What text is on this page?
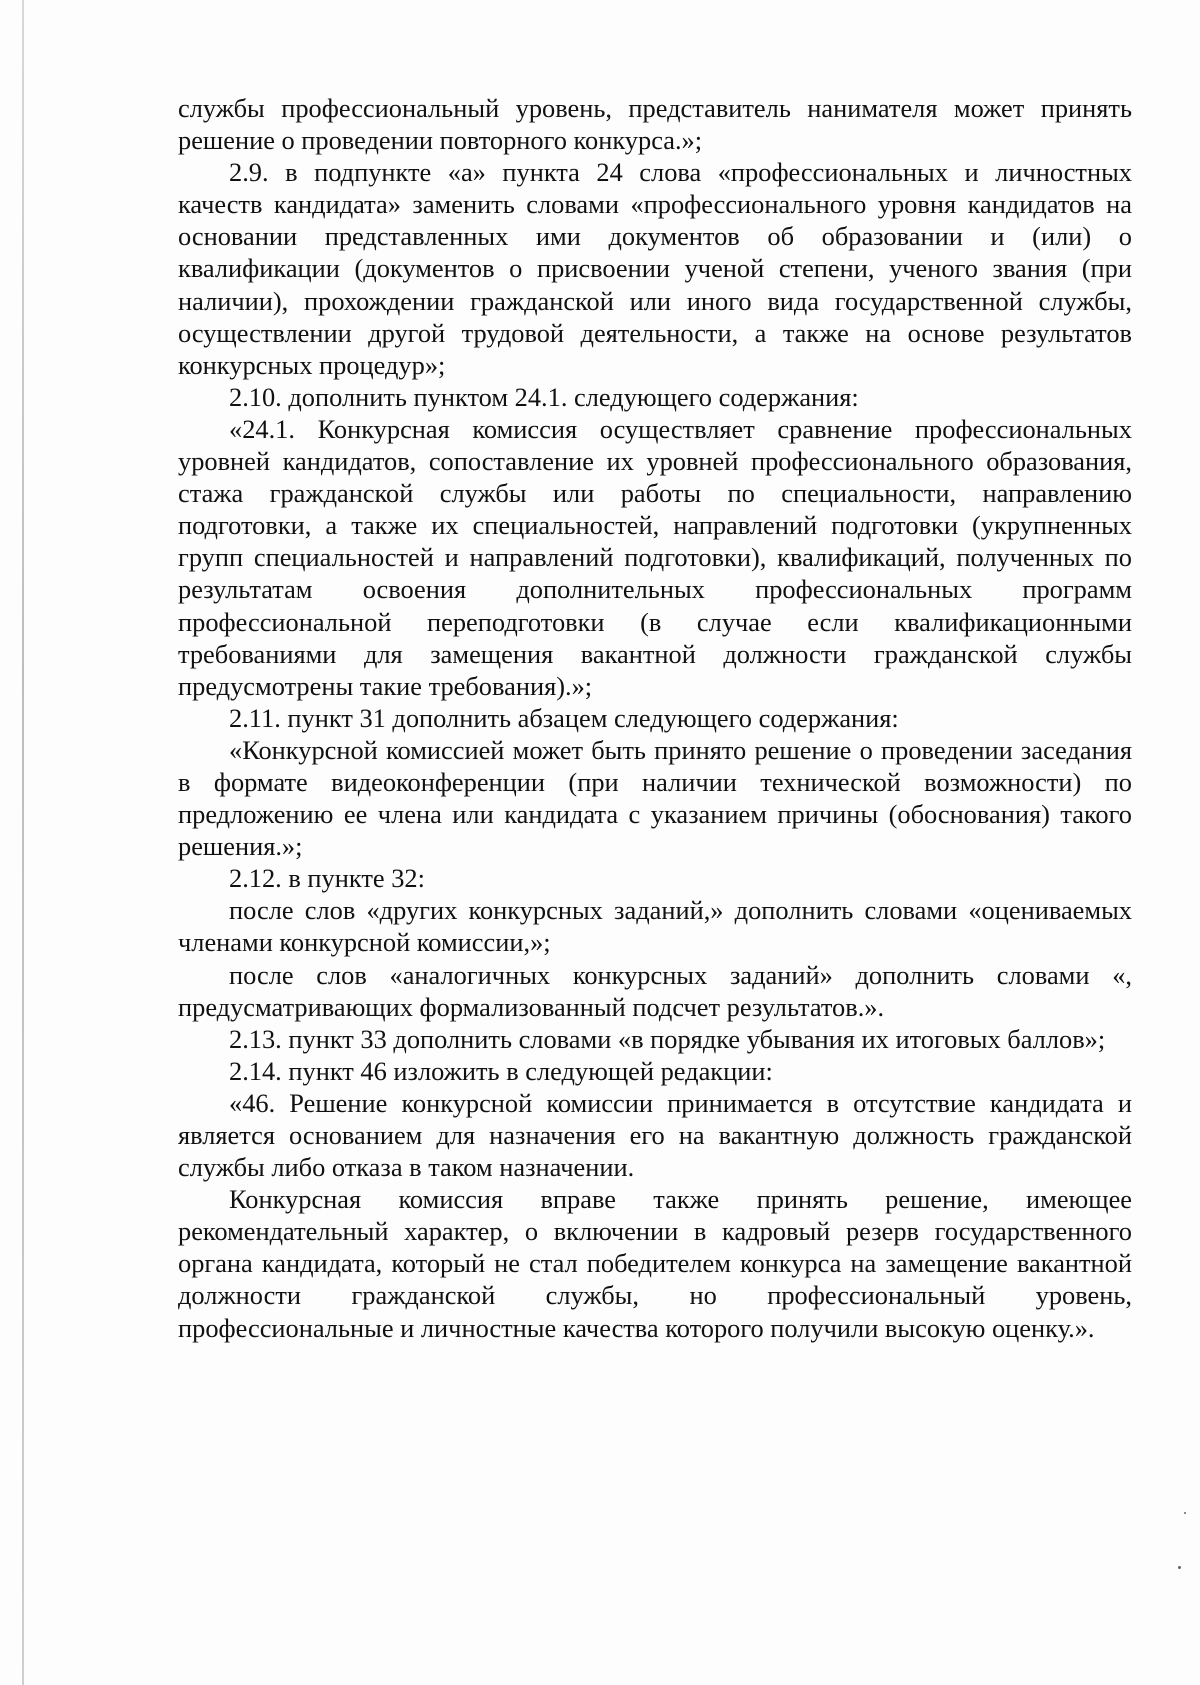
службы профессиональный уровень, представитель нанимателя может принять решение о проведении повторного конкурса.»;

2.9. в подпункте «а» пункта 24 слова «профессиональных и личностных качеств кандидата» заменить словами «профессионального уровня кандидатов на основании представленных ими документов об образовании и (или) о квалификации (документов о присвоении ученой степени, ученого звания (при наличии), прохождении гражданской или иного вида государственной службы, осуществлении другой трудовой деятельности, а также на основе результатов конкурсных процедур»;

2.10. дополнить пунктом 24.1. следующего содержания:

«24.1. Конкурсная комиссия осуществляет сравнение профессиональных уровней кандидатов, сопоставление их уровней профессионального образования, стажа гражданской службы или работы по специальности, направлению подготовки, а также их специальностей, направлений подготовки (укрупненных групп специальностей и направлений подготовки), квалификаций, полученных по результатам освоения дополнительных профессиональных программ профессиональной переподготовки (в случае если квалификационными требованиями для замещения вакантной должности гражданской службы предусмотрены такие требования).»;

2.11. пункт 31 дополнить абзацем следующего содержания:

«Конкурсной комиссией может быть принято решение о проведении заседания в формате видеоконференции (при наличии технической возможности) по предложению ее члена или кандидата с указанием причины (обоснования) такого решения.»;

2.12. в пункте 32:

после слов «других конкурсных заданий,» дополнить словами «оцениваемых членами конкурсной комиссии,»;

после слов «аналогичных конкурсных заданий» дополнить словами «, предусматривающих формализованный подсчет результатов.».

2.13. пункт 33 дополнить словами «в порядке убывания их итоговых баллов»;

2.14. пункт 46 изложить в следующей редакции:

«46. Решение конкурсной комиссии принимается в отсутствие кандидата и является основанием для назначения его на вакантную должность гражданской службы либо отказа в таком назначении.

Конкурсная комиссия вправе также принять решение, имеющее рекомендательный характер, о включении в кадровый резерв государственного органа кандидата, который не стал победителем конкурса на замещение вакантной должности гражданской службы, но профессиональный уровень, профессиональные и личностные качества которого получили высокую оценку.».
